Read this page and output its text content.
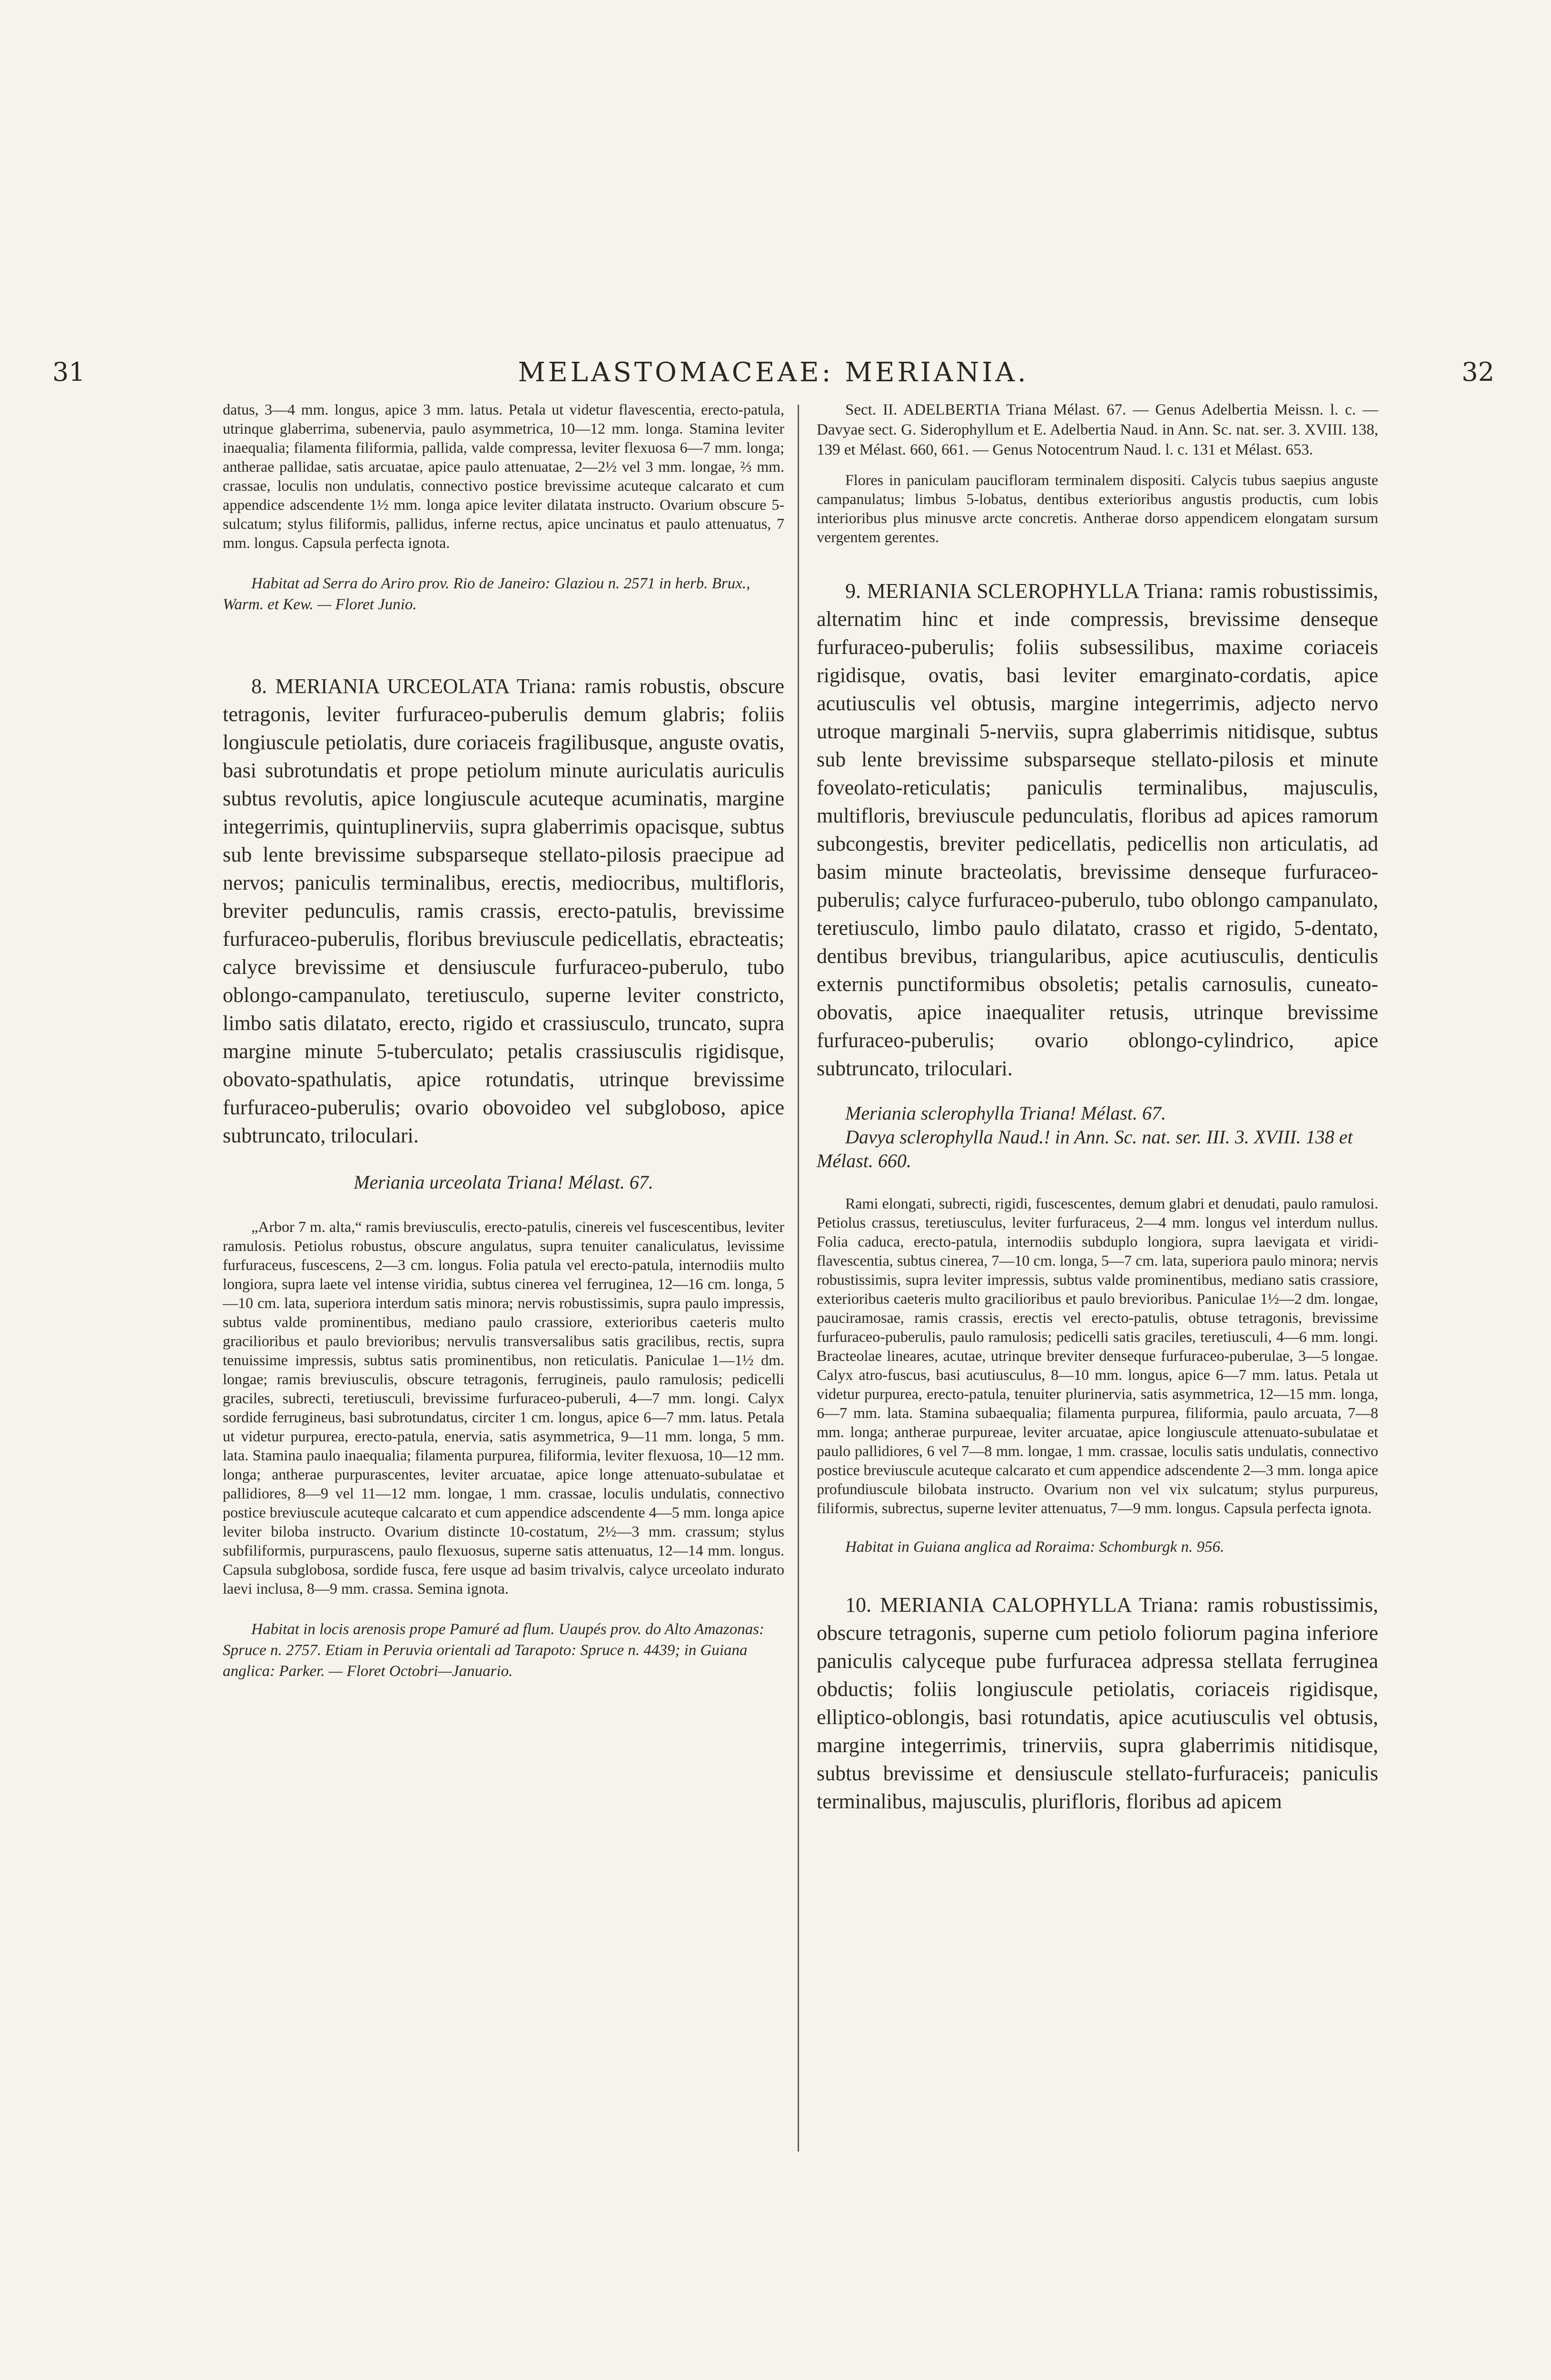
31	MELASTOMACEAE: MERIANIA.	32

datus, 3—4 mm. longus, apice 3 mm. latus. Petala ut videtur flavescentia, erecto-patula, utrinque glaberrima, subenervia, paulo asymmetrica, 10—12 mm. longa. Stamina leviter inaequalia; filamenta filiformia, pallida, valde compressa, leviter flexuosa 6—7 mm. longa; antherae pallidae, satis arcuatae, apice paulo attenuatae, 2—2½ vel 3 mm. longae, ⅔ mm. crassae, loculis non undulatis, connectivo postice brevissime acuteque calcarato et cum appendice adscendente 1½ mm. longa apice leviter dilatata instructo. Ovarium obscure 5-sulcatum; stylus filiformis, pallidus, inferne rectus, apice uncinatus et paulo attenuatus, 7 mm. longus. Capsula perfecta ignota.

Habitat ad Serra do Ariro prov. Rio de Janeiro: Glaziou n. 2571 in herb. Brux., Warm. et Kew. — Floret Junio.

8. MERIANIA URCEOLATA Triana: ramis robustis, obscure tetragonis, leviter furfuraceo-puberulis demum glabris; foliis longiuscule petiolatis, dure coriaceis fragilibusque, anguste ovatis, basi subrotundatis et prope petiolum minute auriculatis auriculis subtus revolutis, apice longiuscule acuteque acuminatis, margine integerrimis, quintuplinerviis, supra glaberrimis opacisque, subtus sub lente brevissime subsparseque stellato-pilosis praecipue ad nervos; paniculis terminalibus, erectis, mediocribus, multifloris, breviter pedunculis, ramis crassis, erecto-patulis, brevissime furfuraceo-puberulis, floribus breviuscule pedicellatis, ebracteatis; calyce brevissime et densiuscule furfuraceo-puberulo, tubo oblongo-campanulato, teretiusculo, superne leviter constricto, limbo satis dilatato, erecto, rigido et crassiusculo, truncato, supra margine minute 5-tuberculato; petalis crassiusculis rigidisque, obovato-spathulatis, apice rotundatis, utrinque brevissime furfuraceo-puberulis; ovario obovoideo vel subgloboso, apice subtruncato, triloculari.

Meriania urceolata Triana! Mélast. 67.

„Arbor 7 m. alta,“ ramis breviusculis, erecto-patulis, cinereis vel fuscescentibus, leviter ramulosis. Petiolus robustus, obscure angulatus, supra tenuiter canaliculatus, levissime furfuraceus, fuscescens, 2—3 cm. longus. Folia patula vel erecto-patula, internodiis multo longiora, supra laete vel intense viridia, subtus cinerea vel ferruginea, 12—16 cm. longa, 5—10 cm. lata, superiora interdum satis minora; nervis robustissimis, supra paulo impressis, subtus valde prominentibus, mediano paulo crassiore, exterioribus caeteris multo gracilioribus et paulo brevioribus; nervulis transversalibus satis gracilibus, rectis, supra tenuissime impressis, subtus satis prominentibus, non reticulatis. Paniculae 1—1½ dm. longae; ramis breviusculis, obscure tetragonis, ferrugineis, paulo ramulosis; pedicelli graciles, subrecti, teretiusculi, brevissime furfuraceo-puberuli, 4—7 mm. longi. Calyx sordide ferrugineus, basi subrotundatus, circiter 1 cm. longus, apice 6—7 mm. latus. Petala ut videtur purpurea, erecto-patula, enervia, satis asymmetrica, 9—11 mm. longa, 5 mm. lata. Stamina paulo inaequalia; filamenta purpurea, filiformia, leviter flexuosa, 10—12 mm. longa; antherae purpurascentes, leviter arcuatae, apice longe attenuato-subulatae et pallidiores, 8—9 vel 11—12 mm. longae, 1 mm. crassae, loculis undulatis, connectivo postice breviuscule acuteque calcarato et cum appendice adscendente 4—5 mm. longa apice leviter biloba instructo. Ovarium distincte 10-costatum, 2½—3 mm. crassum; stylus subfiliformis, purpurascens, paulo flexuosus, superne satis attenuatus, 12—14 mm. longus. Capsula subglobosa, sordide fusca, fere usque ad basim trivalvis, calyce urceolato indurato laevi inclusa, 8—9 mm. crassa. Semina ignota.

Habitat in locis arenosis prope Pamuré ad flum. Uaupés prov. do Alto Amazonas: Spruce n. 2757. Etiam in Peruvia orientali ad Tarapoto: Spruce n. 4439; in Guiana anglica: Parker. — Floret Octobri—Januario.

Sect. II. ADELBERTIA Triana Mélast. 67. — Genus Adelbertia Meissn. l. c. — Davyae sect. G. Siderophyllum et E. Adelbertia Naud. in Ann. Sc. nat. ser. 3. XVIII. 138, 139 et Mélast. 660, 661. — Genus Notocentrum Naud. l. c. 131 et Mélast. 653.

Flores in paniculam paucifloram terminalem dispositi. Calycis tubus saepius anguste campanulatus; limbus 5-lobatus, dentibus exterioribus angustis productis, cum lobis interioribus plus minusve arcte concretis. Antherae dorso appendicem elongatam sursum vergentem gerentes.

9. MERIANIA SCLEROPHYLLA Triana: ramis robustissimis, alternatim hinc et inde compressis, brevissime denseque furfuraceo-puberulis; foliis subsessilibus, maxime coriaceis rigidisque, ovatis, basi leviter emarginato-cordatis, apice acutiusculis vel obtusis, margine integerrimis, adjecto nervo utroque marginali 5-nerviis, supra glaberrimis nitidisque, subtus sub lente brevissime subsparseque stellato-pilosis et minute foveolato-reticulatis; paniculis terminalibus, majusculis, multifloris, breviuscule pedunculatis, floribus ad apices ramorum subcongestis, breviter pedicellatis, pedicellis non articulatis, ad basim minute bracteolatis, brevissime denseque furfuraceo-puberulis; calyce furfuraceo-puberulo, tubo oblongo campanulato, teretiusculo, limbo paulo dilatato, crasso et rigido, 5-dentato, dentibus brevibus, triangularibus, apice acutiusculis, denticulis externis punctiformibus obsoletis; petalis carnosulis, cuneato-obovatis, apice inaequaliter retusis, utrinque brevissime furfuraceo-puberulis; ovario oblongo-cylindrico, apice subtruncato, triloculari.

Meriania sclerophylla Triana! Mélast. 67.

Davya sclerophylla Naud.! in Ann. Sc. nat. ser. III. 3. XVIII. 138 et Mélast. 660.

Rami elongati, subrecti, rigidi, fuscescentes, demum glabri et denudati, paulo ramulosi. Petiolus crassus, teretiusculus, leviter furfuraceus, 2—4 mm. longus vel interdum nullus. Folia caduca, erecto-patula, internodiis subduplo longiora, supra laevigata et viridi-flavescentia, subtus cinerea, 7—10 cm. longa, 5—7 cm. lata, superiora paulo minora; nervis robustissimis, supra leviter impressis, subtus valde prominentibus, mediano satis crassiore, exterioribus caeteris multo gracilioribus et paulo brevioribus. Paniculae 1½—2 dm. longae, pauciramosae, ramis crassis, erectis vel erecto-patulis, obtuse tetragonis, brevissime furfuraceo-puberulis, paulo ramulosis; pedicelli satis graciles, teretiusculi, 4—6 mm. longi. Bracteolae lineares, acutae, utrinque breviter denseque furfuraceo-puberulae, 3—5 longae. Calyx atro-fuscus, basi acutiusculus, 8—10 mm. longus, apice 6—7 mm. latus. Petala ut videtur purpurea, erecto-patula, tenuiter plurinervia, satis asymmetrica, 12—15 mm. longa, 6—7 mm. lata. Stamina subaequalia; filamenta purpurea, filiformia, paulo arcuata, 7—8 mm. longa; antherae purpureae, leviter arcuatae, apice longiuscule attenuato-subulatae et paulo pallidiores, 6 vel 7—8 mm. longae, 1 mm. crassae, loculis satis undulatis, connectivo postice breviuscule acuteque calcarato et cum appendice adscendente 2—3 mm. longa apice profundiuscule bilobata instructo. Ovarium non vel vix sulcatum; stylus purpureus, filiformis, subrectus, superne leviter attenuatus, 7—9 mm. longus. Capsula perfecta ignota.

Habitat in Guiana anglica ad Roraima: Schomburgk n. 956.

10. MERIANIA CALOPHYLLA Triana: ramis robustissimis, obscure tetragonis, superne cum petiolo foliorum pagina inferiore paniculis calyceque pube furfuracea adpressa stellata ferruginea obductis; foliis longiuscule petiolatis, coriaceis rigidisque, elliptico-oblongis, basi rotundatis, apice acutiusculis vel obtusis, margine integerrimis, trinerviis, supra glaberrimis nitidisque, subtus brevissime et densiuscule stellato-furfuraceis; paniculis terminalibus, majusculis, plurifloris, floribus ad apicem
